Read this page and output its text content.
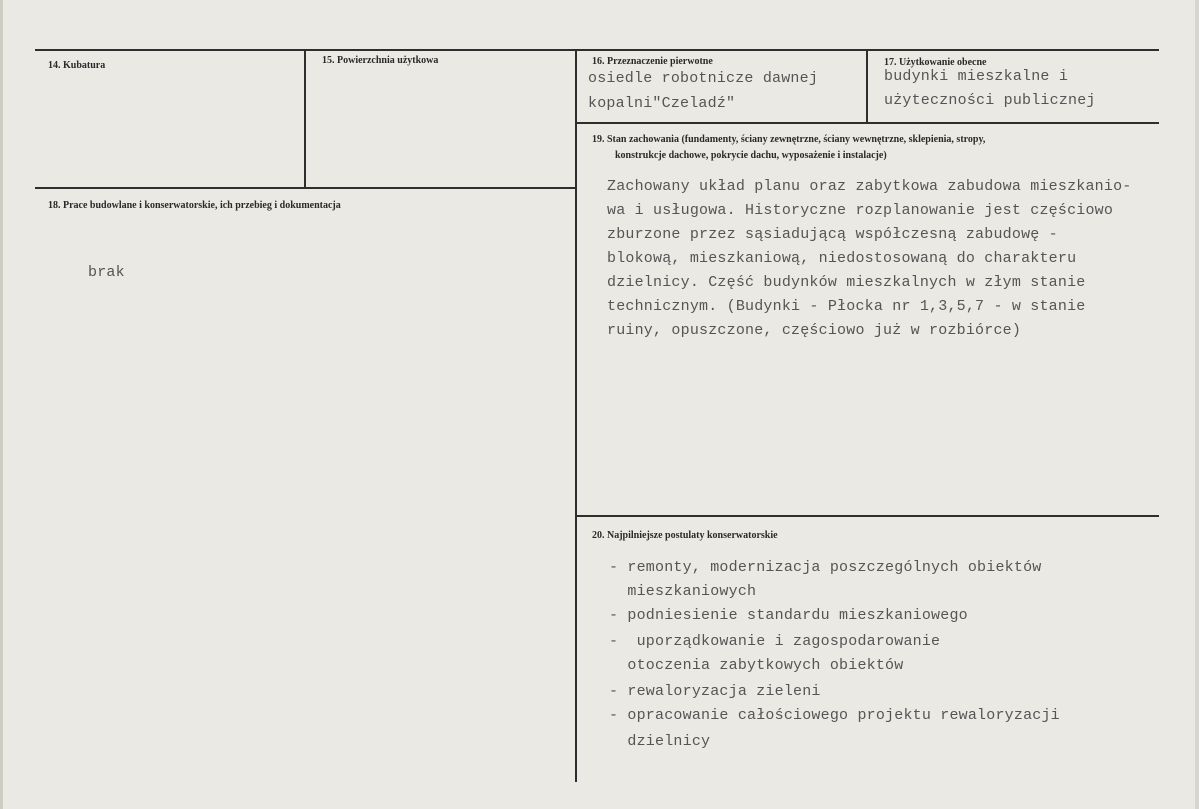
14. Kubatura	15. Powierzchnia użytkowa	16. Przeznaczenie pierwotne
osiedle robotnicze dawnej
kopalni"Czeladź"
17. Użytkowanie obecne
budynki mieszkalne i
użyteczności publicznej
19. Stan zachowania (fundamenty, ściany zewnętrzne, ściany wewnętrzne, sklepienia, stropy,
konstrukcje dachowe, pokrycie dachu, wyposażenie i instalacje)
Zachowany układ planu oraz zabytkowa zabudowa mieszkanio-
wa i usługowa. Historyczne rozplanowanie jest częściowo
zburzone przez sąsiadującą współczesną zabudowę -
blokową, mieszkaniową, niedostosowaną do charakteru
dzielnicy. Część budynków mieszkalnych w złym stanie
technicznym. (Budynki - Płocka nr 1,3,5,7 - w stanie
ruiny, opuszczone, częściowo już w rozbiórce)
18. Prace budowlane i konserwatorskie, ich przebieg i dokumentacja
brak
20. Najpilniejsze postulaty konserwatorskie
- remonty, modernizacja poszczególnych obiektów
mieszkaniowych
- podniesienie standardu mieszkaniowego
-  uporządkowanie i zagospodarowanie
otoczenia zabytkowych obiektów
- rewaloryzacja zieleni
- opracowanie całościowego projektu rewaloryzacji
dzielnicy
